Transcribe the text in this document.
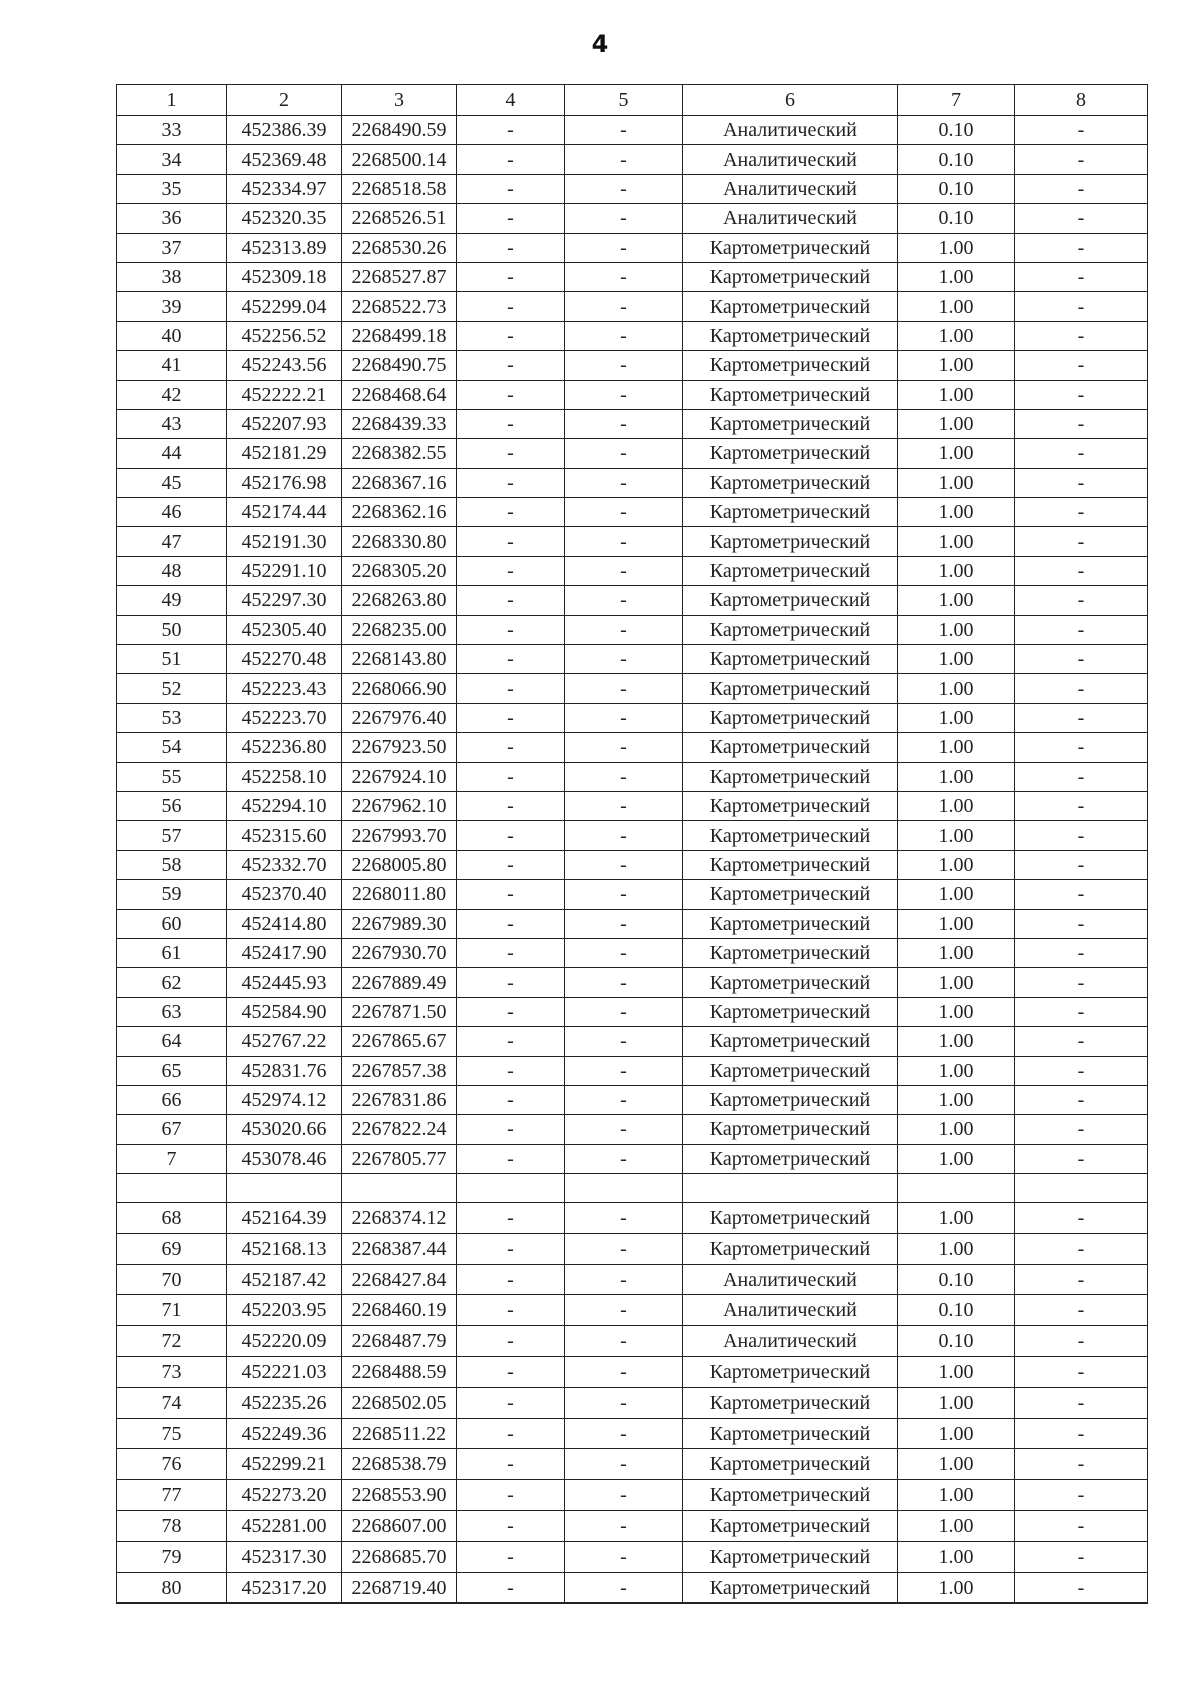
4
1	2	3	4	5	6	7	8
33	452386.39	2268490.59	-	-	Аналитический	0.10	-
34	452369.48	2268500.14	-	-	Аналитический	0.10	-
35	452334.97	2268518.58	-	-	Аналитический	0.10	-
36	452320.35	2268526.51	-	-	Аналитический	0.10	-
37	452313.89	2268530.26	-	-	Картометрический	1.00	-
38	452309.18	2268527.87	-	-	Картометрический	1.00	-
39	452299.04	2268522.73	-	-	Картометрический	1.00	-
40	452256.52	2268499.18	-	-	Картометрический	1.00	-
41	452243.56	2268490.75	-	-	Картометрический	1.00	-
42	452222.21	2268468.64	-	-	Картометрический	1.00	-
43	452207.93	2268439.33	-	-	Картометрический	1.00	-
44	452181.29	2268382.55	-	-	Картометрический	1.00	-
45	452176.98	2268367.16	-	-	Картометрический	1.00	-
46	452174.44	2268362.16	-	-	Картометрический	1.00	-
47	452191.30	2268330.80	-	-	Картометрический	1.00	-
48	452291.10	2268305.20	-	-	Картометрический	1.00	-
49	452297.30	2268263.80	-	-	Картометрический	1.00	-
50	452305.40	2268235.00	-	-	Картометрический	1.00	-
51	452270.48	2268143.80	-	-	Картометрический	1.00	-
52	452223.43	2268066.90	-	-	Картометрический	1.00	-
53	452223.70	2267976.40	-	-	Картометрический	1.00	-
54	452236.80	2267923.50	-	-	Картометрический	1.00	-
55	452258.10	2267924.10	-	-	Картометрический	1.00	-
56	452294.10	2267962.10	-	-	Картометрический	1.00	-
57	452315.60	2267993.70	-	-	Картометрический	1.00	-
58	452332.70	2268005.80	-	-	Картометрический	1.00	-
59	452370.40	2268011.80	-	-	Картометрический	1.00	-
60	452414.80	2267989.30	-	-	Картометрический	1.00	-
61	452417.90	2267930.70	-	-	Картометрический	1.00	-
62	452445.93	2267889.49	-	-	Картометрический	1.00	-
63	452584.90	2267871.50	-	-	Картометрический	1.00	-
64	452767.22	2267865.67	-	-	Картометрический	1.00	-
65	452831.76	2267857.38	-	-	Картометрический	1.00	-
66	452974.12	2267831.86	-	-	Картометрический	1.00	-
67	453020.66	2267822.24	-	-	Картометрический	1.00	-
7	453078.46	2267805.77	-	-	Картометрический	1.00	-

68	452164.39	2268374.12	-	-	Картометрический	1.00	-
69	452168.13	2268387.44	-	-	Картометрический	1.00	-
70	452187.42	2268427.84	-	-	Аналитический	0.10	-
71	452203.95	2268460.19	-	-	Аналитический	0.10	-
72	452220.09	2268487.79	-	-	Аналитический	0.10	-
73	452221.03	2268488.59	-	-	Картометрический	1.00	-
74	452235.26	2268502.05	-	-	Картометрический	1.00	-
75	452249.36	2268511.22	-	-	Картометрический	1.00	-
76	452299.21	2268538.79	-	-	Картометрический	1.00	-
77	452273.20	2268553.90	-	-	Картометрический	1.00	-
78	452281.00	2268607.00	-	-	Картометрический	1.00	-
79	452317.30	2268685.70	-	-	Картометрический	1.00	-
80	452317.20	2268719.40	-	-	Картометрический	1.00	-
